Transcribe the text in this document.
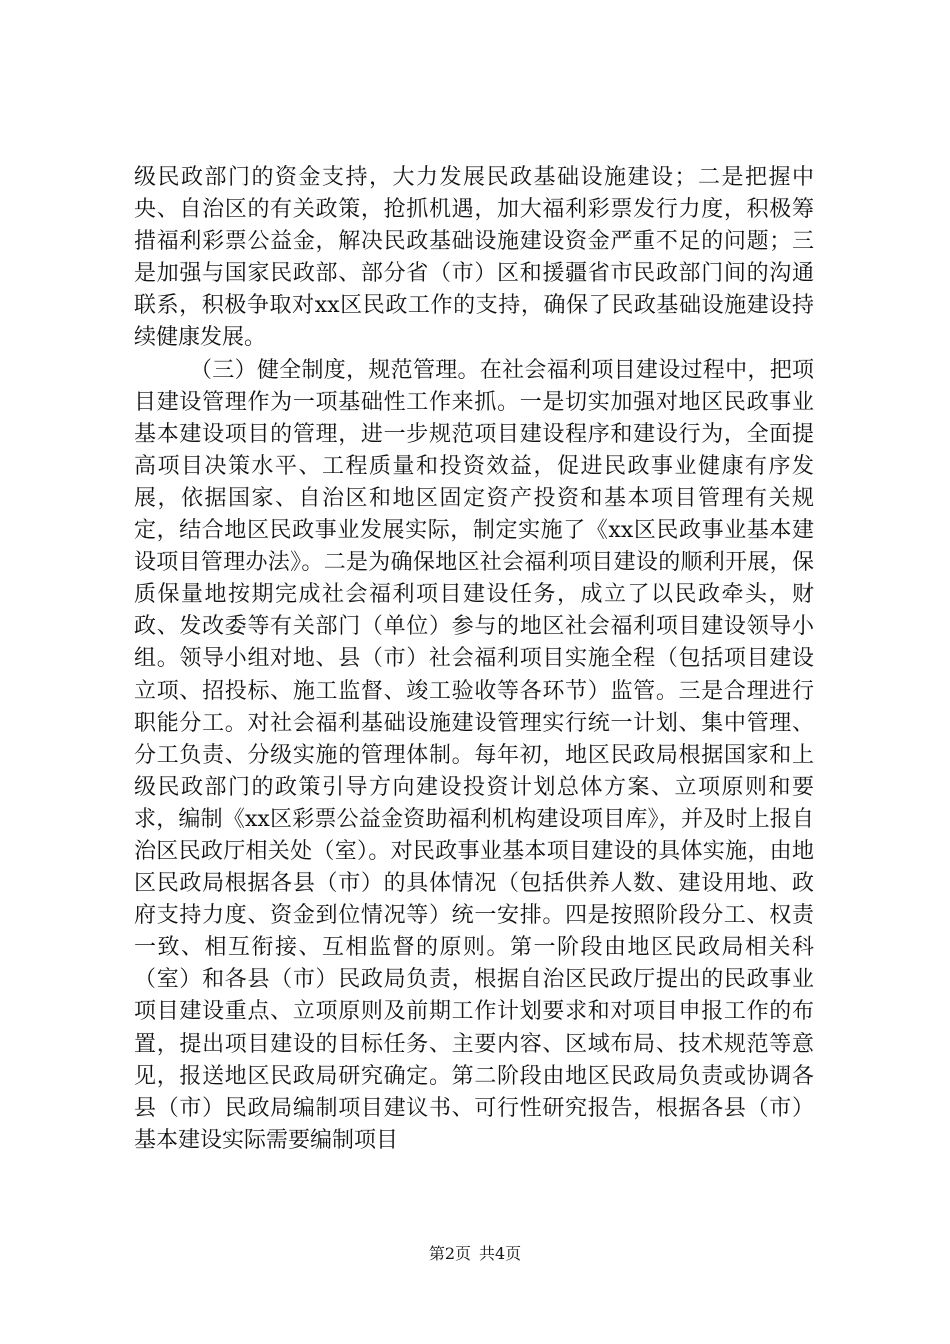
级民政部门的资金支持，大力发展民政基础设施建设；二是把握中央、自治区的有关政策，抢抓机遇，加大福利彩票发行力度，积极筹措福利彩票公益金，解决民政基础设施建设资金严重不足的问题；三是加强与国家民政部、部分省（市）区和援疆省市民政部门间的沟通联系，积极争取对xx区民政工作的支持，确保了民政基础设施建设持续健康发展。

（三）健全制度，规范管理。在社会福利项目建设过程中，把项目建设管理作为一项基础性工作来抓。一是切实加强对地区民政事业基本建设项目的管理，进一步规范项目建设程序和建设行为，全面提高项目决策水平、工程质量和投资效益，促进民政事业健康有序发展，依据国家、自治区和地区固定资产投资和基本项目管理有关规定，结合地区民政事业发展实际，制定实施了《xx区民政事业基本建设项目管理办法》。二是为确保地区社会福利项目建设的顺利开展，保质保量地按期完成社会福利项目建设任务，成立了以民政牵头，财政、发改委等有关部门（单位）参与的地区社会福利项目建设领导小组。领导小组对地、县（市）社会福利项目实施全程（包括项目建设立项、招投标、施工监督、竣工验收等各环节）监管。三是合理进行职能分工。对社会福利基础设施建设管理实行统一计划、集中管理、分工负责、分级实施的管理体制。每年初，地区民政局根据国家和上级民政部门的政策引导方向建设投资计划总体方案、立项原则和要求，编制《xx区彩票公益金资助福利机构建设项目库》，并及时上报自治区民政厅相关处（室）。对民政事业基本项目建设的具体实施，由地区民政局根据各县（市）的具体情况（包括供养人数、建设用地、政府支持力度、资金到位情况等）统一安排。四是按照阶段分工、权责一致、相互衔接、互相监督的原则。第一阶段由地区民政局相关科（室）和各县（市）民政局负责，根据自治区民政厅提出的民政事业项目建设重点、立项原则及前期工作计划要求和对项目申报工作的布置，提出项目建设的目标任务、主要内容、区域布局、技术规范等意见，报送地区民政局研究确定。第二阶段由地区民政局负责或协调各县（市）民政局编制项目建议书、可行性研究报告，根据各县（市）基本建设实际需要编制项目

第2页 共4页
